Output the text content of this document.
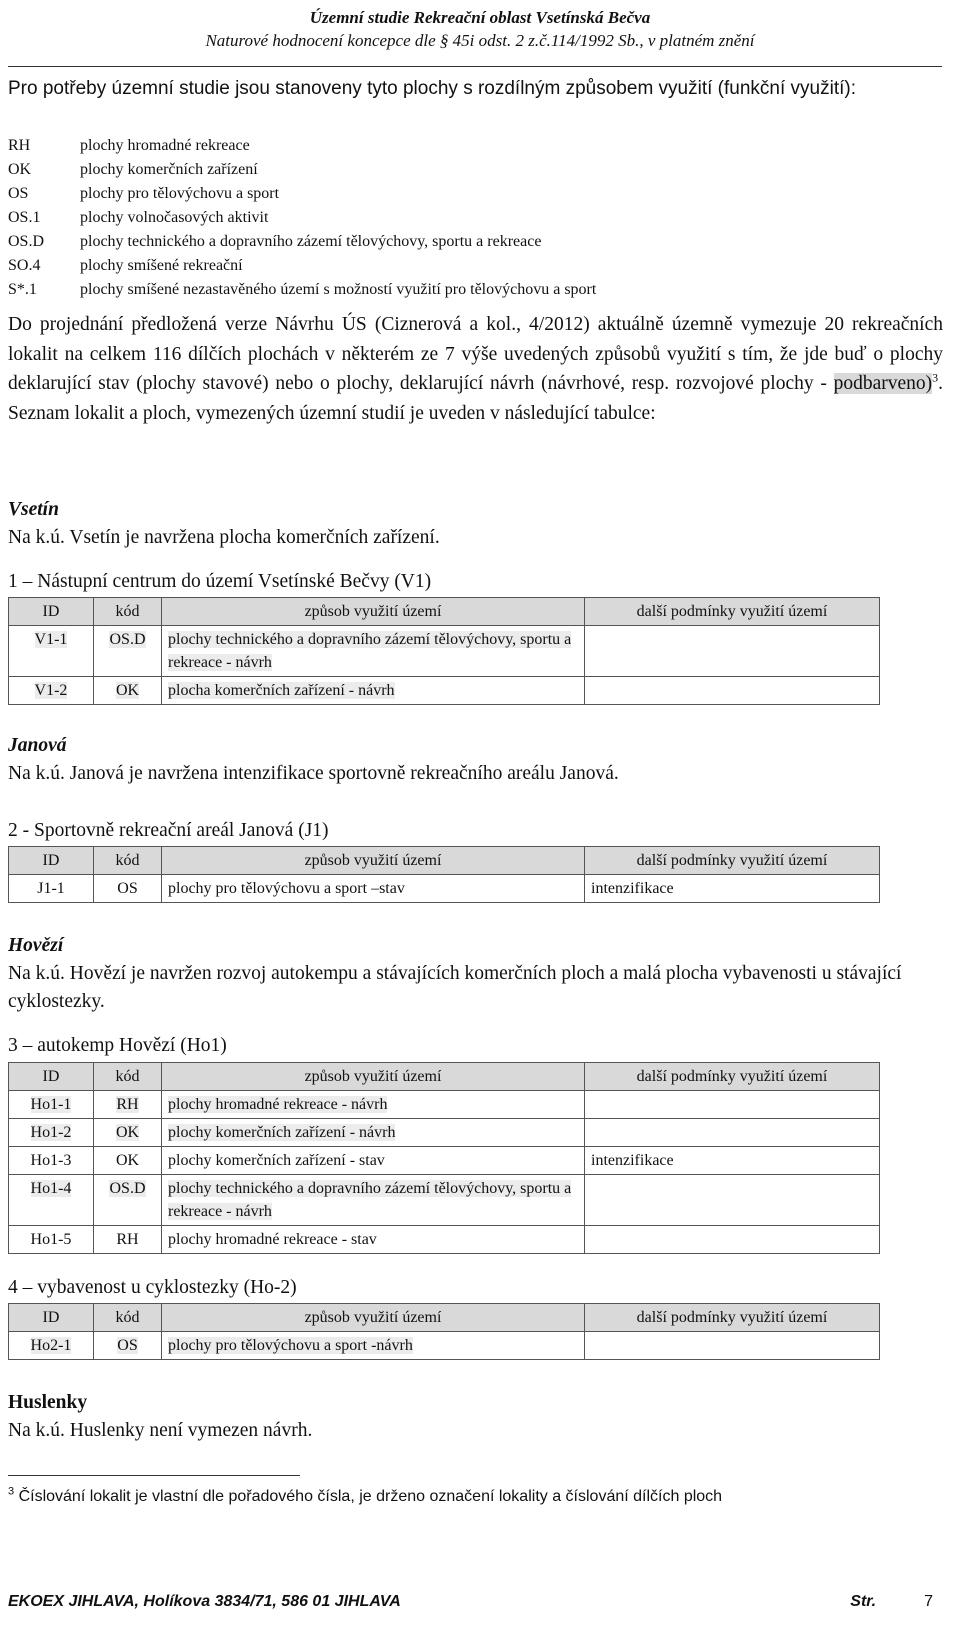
Územní studie Rekreační oblast Vsetínská Bečva
Naturové hodnocení koncepce dle § 45i odst. 2 z.č.114/1992 Sb., v platném znění
Pro potřeby územní studie jsou stanoveny tyto plochy s rozdílným způsobem využití (funkční využití):
RH	plochy hromadné rekreace
OK	plochy komerčních zařízení
OS	plochy pro tělovýchovu a sport
OS.1	plochy volnočasových aktivit
OS.D	plochy technického a dopravního zázemí tělovýchovy, sportu a rekreace
SO.4	plochy smíšené rekreační
S*.1	plochy smíšené nezastavěného území s možností využití pro tělovýchovu a sport
Do projednání předložená verze Návrhu ÚS (Ciznerová a kol., 4/2012) aktuálně územně vymezuje 20 rekreačních lokalit na celkem 116 dílčích plochách v některém ze 7 výše uvedených způsobů využití s tím, že jde buď o plochy deklarující stav (plochy stavové) nebo o plochy, deklarující návrh (návrhové, resp. rozvojové plochy - podbarveno)$^3$. Seznam lokalit a ploch, vymezených územní studií je uveden v následující tabulce:
Vsetín
Na k.ú. Vsetín je navržena plocha komerčních zařízení.
1 – Nástupní centrum do území Vsetínské Bečvy (V1)
ID	kód	způsob využití území	další podmínky využití území
V1-1	OS.D	plochy technického a dopravního zázemí tělovýchovy, sportu a rekreace - návrh	
V1-2	OK	plocha komerčních zařízení - návrh	
Janová
Na k.ú. Janová je navržena intenzifikace sportovně rekreačního areálu Janová.
2 - Sportovně rekreační areál Janová (J1)
ID	kód	způsob využití území	další podmínky využití území
J1-1	OS	plochy pro tělovýchovu a sport –stav	intenzifikace
Hovězí
Na k.ú. Hovězí je navržen rozvoj autokempu a stávajících komerčních ploch a malá plocha vybavenosti u stávající cyklostezky.
3 – autokemp Hovězí (Ho1)
ID	kód	způsob využití území	další podmínky využití území
Ho1-1	RH	plochy hromadné rekreace - návrh	
Ho1-2	OK	plochy komerčních zařízení - návrh	
Ho1-3	OK	plochy komerčních zařízení - stav	intenzifikace
Ho1-4	OS.D	plochy technického a dopravního zázemí tělovýchovy, sportu a rekreace - návrh	
Ho1-5	RH	plochy hromadné rekreace - stav	
4 – vybavenost u cyklostezky (Ho-2)
ID	kód	způsob využití území	další podmínky využití území
Ho2-1	OS	plochy pro tělovýchovu a sport -návrh	
Huslenky
Na k.ú. Huslenky není vymezen návrh.
$^3$ Číslování lokalit je vlastní dle pořadového čísla, je drženo označení lokality a číslování dílčích ploch
EKOEX JIHLAVA, Holíkova 3834/71, 586 01 JIHLAVA	Str.	7
